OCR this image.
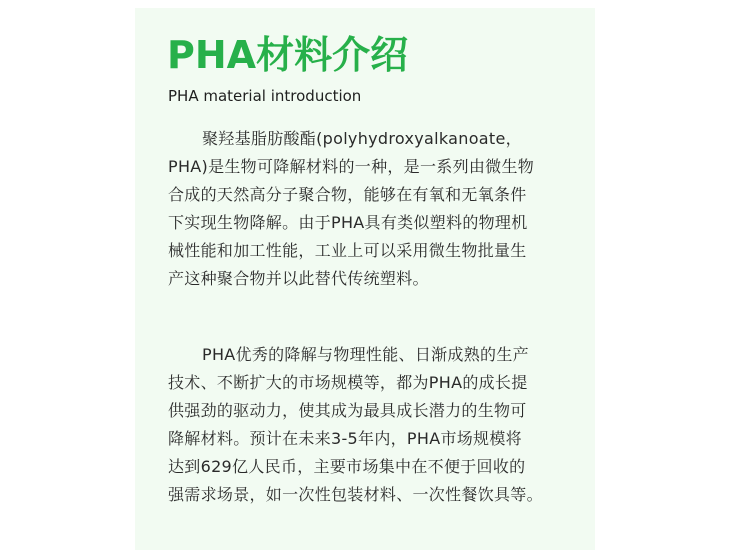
PHA材料介绍
PHA material introduction
聚羟基脂肪酸酯(polyhydroxyalkanoate，
PHA)是生物可降解材料的一种，是一系列由微生物
合成的天然高分子聚合物，能够在有氧和无氧条件
下实现生物降解。由于PHA具有类似塑料的物理机
械性能和加工性能，工业上可以采用微生物批量生
产这种聚合物并以此替代传统塑料。
PHA优秀的降解与物理性能、日渐成熟的生产
技术、不断扩大的市场规模等，都为PHA的成长提
供强劲的驱动力，使其成为最具成长潜力的生物可
降解材料。预计在未来3-5年内，PHA市场规模将
达到629亿人民币，主要市场集中在不便于回收的
强需求场景，如一次性包装材料、一次性餐饮具等。
